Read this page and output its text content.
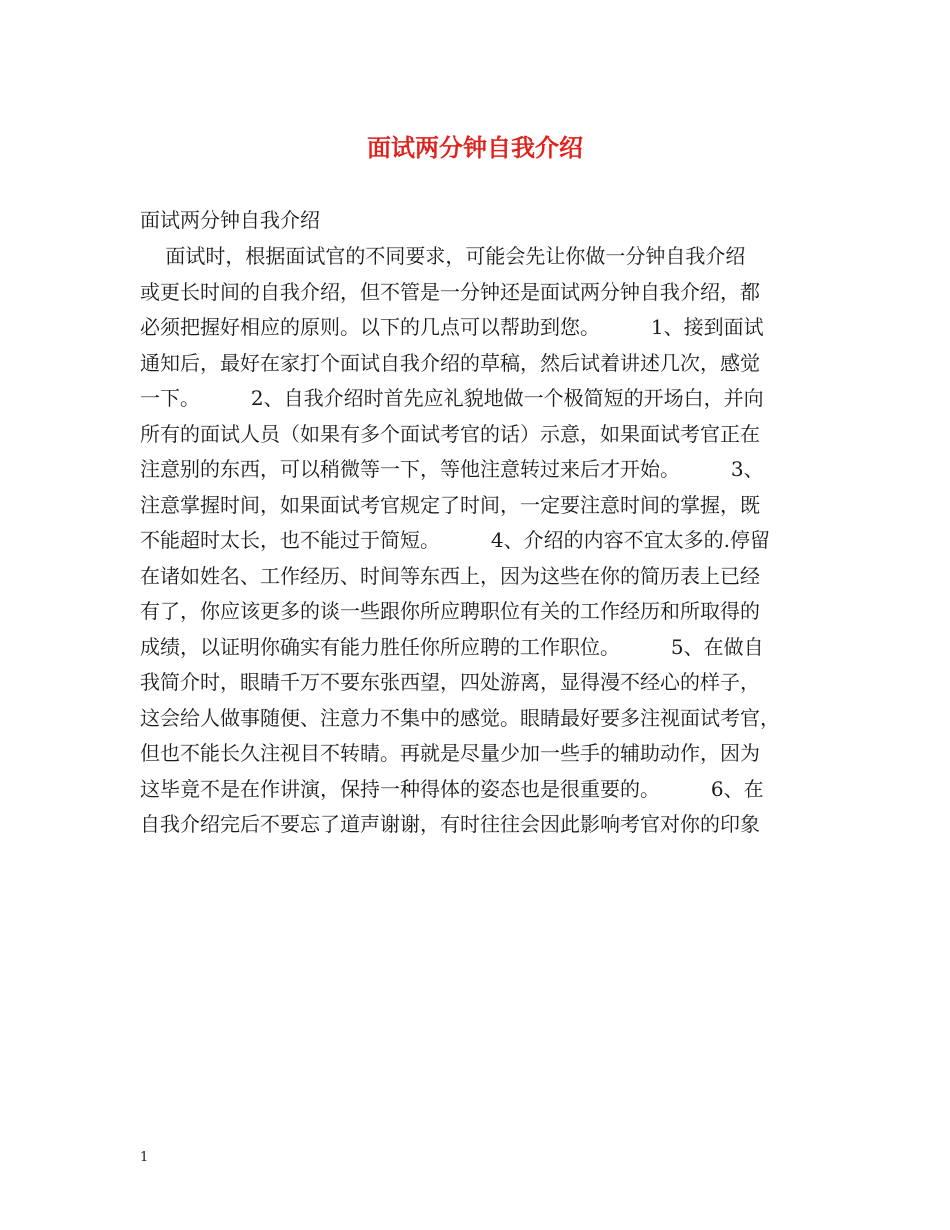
面试两分钟自我介绍

面试两分钟自我介绍

面试时，根据面试官的不同要求，可能会先让你做一分钟自我介绍
或更长时间的自我介绍，但不管是一分钟还是面试两分钟自我介绍，都
必须把握好相应的原则。以下的几点可以帮助到您。        1、接到面试
通知后，最好在家打个面试自我介绍的草稿，然后试着讲述几次，感觉
一下。        2、自我介绍时首先应礼貌地做一个极简短的开场白，并向
所有的面试人员（如果有多个面试考官的话）示意，如果面试考官正在
注意别的东西，可以稍微等一下，等他注意转过来后才开始。        3、
注意掌握时间，如果面试考官规定了时间，一定要注意时间的掌握，既
不能超时太长，也不能过于简短。        4、介绍的内容不宜太多的.停留
在诸如姓名、工作经历、时间等东西上，因为这些在你的简历表上已经
有了，你应该更多的谈一些跟你所应聘职位有关的工作经历和所取得的
成绩，以证明你确实有能力胜任你所应聘的工作职位。        5、在做自
我简介时，眼睛千万不要东张西望，四处游离，显得漫不经心的样子，
这会给人做事随便、注意力不集中的感觉。眼睛最好要多注视面试考官，
但也不能长久注视目不转睛。再就是尽量少加一些手的辅助动作，因为
这毕竟不是在作讲演，保持一种得体的姿态也是很重要的。        6、在
自我介绍完后不要忘了道声谢谢，有时往往会因此影响考官对你的印象

1
